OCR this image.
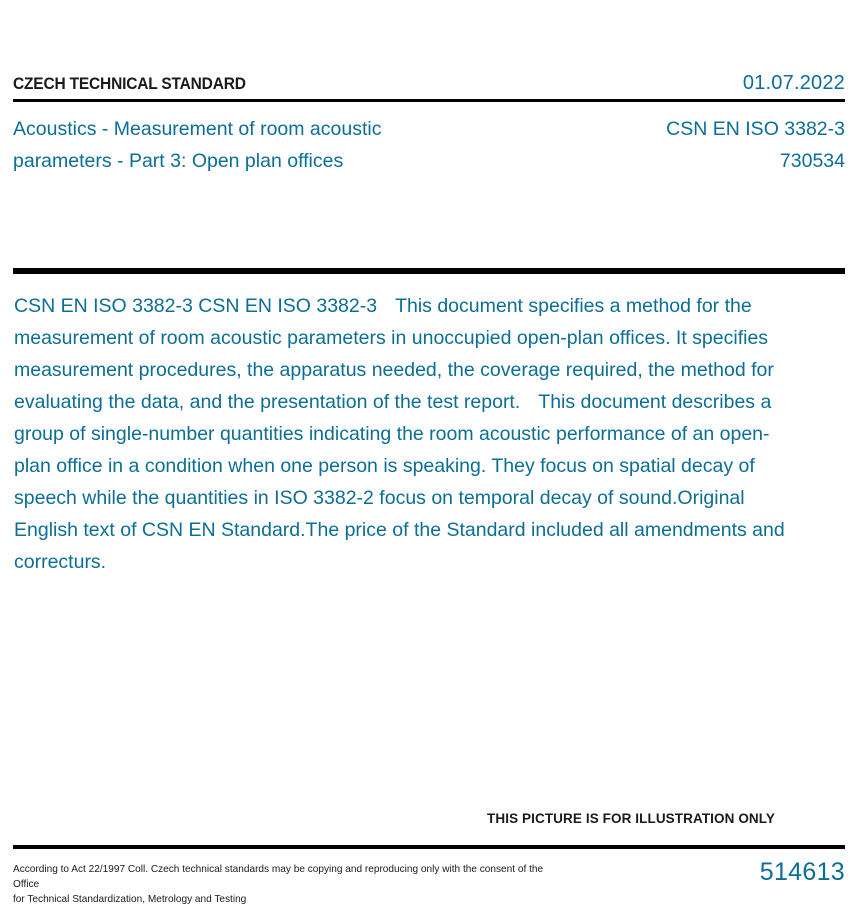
CZECH TECHNICAL STANDARD	01.07.2022
Acoustics - Measurement of room acoustic parameters - Part 3: Open plan offices
CSN EN ISO 3382-3
730534
CSN EN ISO 3382-3 CSN EN ISO 3382-3 This document specifies a method for the measurement of room acoustic parameters in unoccupied open-plan offices. It specifies measurement procedures, the apparatus needed, the coverage required, the method for evaluating the data, and the presentation of the test report. This document describes a group of single-number quantities indicating the room acoustic performance of an open-plan office in a condition when one person is speaking. They focus on spatial decay of speech while the quantities in ISO 3382-2 focus on temporal decay of sound.Original English text of CSN EN Standard.The price of the Standard included all amendments and correcturs.
THIS PICTURE IS FOR ILLUSTRATION ONLY
According to Act 22/1997 Coll. Czech technical standards may be copying and reproducing only with the consent of the Office
for Technical Standardization, Metrology and Testing
514613
